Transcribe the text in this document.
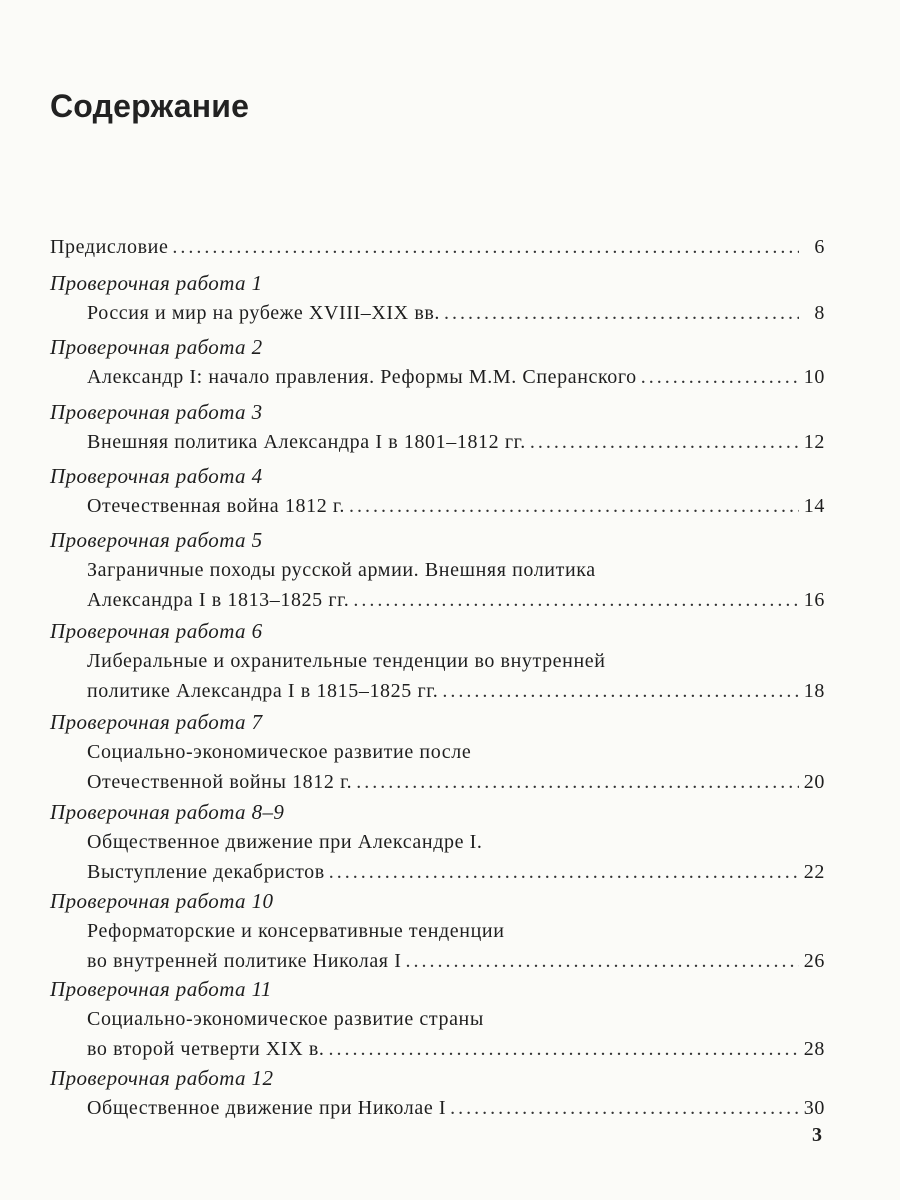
Содержание
Предисловие . . .	6
Проверочная работа 1
Россия и мир на рубеже XVIII–XIX вв. . . .	8
Проверочная работа 2
Александр I: начало правления. Реформы М.М. Сперанского . . .	10
Проверочная работа 3
Внешняя политика Александра I в 1801–1812 гг. . . .	12
Проверочная работа 4
Отечественная война 1812 г. . . .	14
Проверочная работа 5
Заграничные походы русской армии. Внешняя политика
Александра I в 1813–1825 гг. . . .	16
Проверочная работа 6
Либеральные и охранительные тенденции во внутренней
политике Александра I в 1815–1825 гг. . . .	18
Проверочная работа 7
Социально-экономическое развитие после
Отечественной войны 1812 г. . . .	20
Проверочная работа 8–9
Общественное движение при Александре I.
Выступление декабристов . . .	22
Проверочная работа 10
Реформаторские и консервативные тенденции
во внутренней политике Николая I . . .	26
Проверочная работа 11
Социально-экономическое развитие страны
во второй четверти XIX в. . . .	28
Проверочная работа 12
Общественное движение при Николае I . . .	30
3
